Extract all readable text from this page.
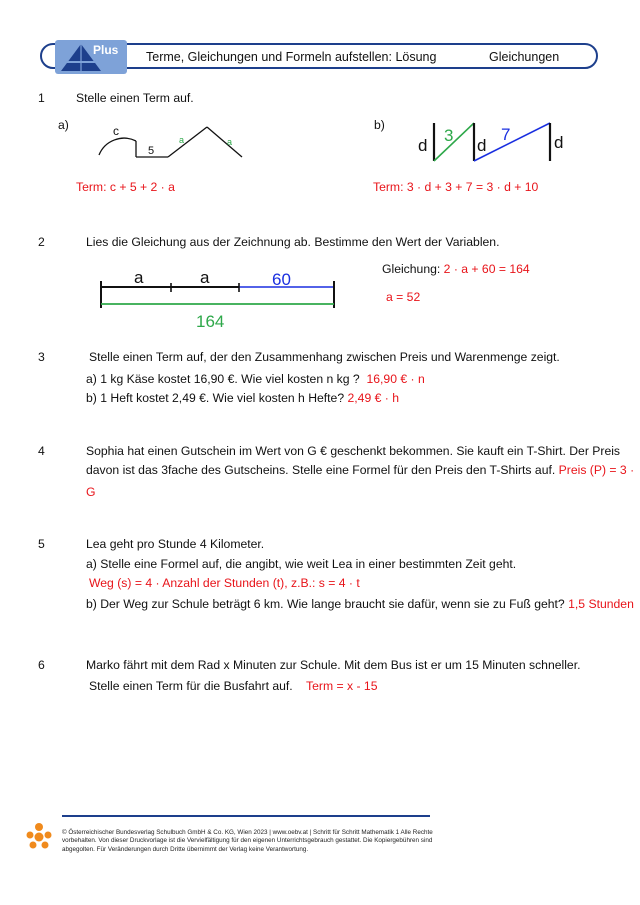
Plus Terme, Gleichungen und Formeln aufstellen: Lösung	Gleichungen
1	Stelle einen Term auf.
a)	b)
c
5
a	a	d
3
d
7	d
Term: c + 5 + 2 · a	Term: 3 · d + 3 + 7 = 3 · d + 10
2	Lies die Gleichung aus der Zeichnung ab. Bestimme den Wert der Variablen.
a	a	60
164
Gleichung: 2 · a + 60 = 164
a = 52
3	Stelle einen Term auf, der den Zusammenhang zwischen Preis und Warenmenge zeigt.
a) 1 kg Käse kostet 16,90 €. Wie viel kosten n kg ? 16,90 € · n
b) 1 Heft kostet 2,49 €. Wie viel kosten h Hefte? 2,49 € · h
4	Sophia hat einen Gutschein im Wert von G € geschenkt bekommen. Sie kauft ein T-Shirt. Der Preis
davon ist das 3fache des Gutscheins. Stelle eine Formel für den Preis den T-Shirts auf. Preis (P) = 3 ·
G
5	Lea geht pro Stunde 4 Kilometer.
a) Stelle eine Formel auf, die angibt, wie weit Lea in einer bestimmten Zeit geht.
Weg (s) = 4 · Anzahl der Stunden (t), z.B.: s = 4 · t
b) Der Weg zur Schule beträgt 6 km. Wie lange braucht sie dafür, wenn sie zu Fuß geht? 1,5 Stunden
6	Marko fährt mit dem Rad x Minuten zur Schule. Mit dem Bus ist er um 15 Minuten schneller.
Stelle einen Term für die Busfahrt auf. Term = x - 15
© Österreichischer Bundesverlag Schulbuch GmbH & Co. KG, Wien 2023 | www.oebv.at | Schritt für Schritt Mathematik 1 Alle Rechte vorbehalten. Von dieser Druckvorlage ist die Vervielfältigung für den eigenen Unterrichtsgebrauch gestattet. Die Kopiergebühren sind abgegolten. Für Veränderungen durch Dritte übernimmt der Verlag keine Verantwortung.
